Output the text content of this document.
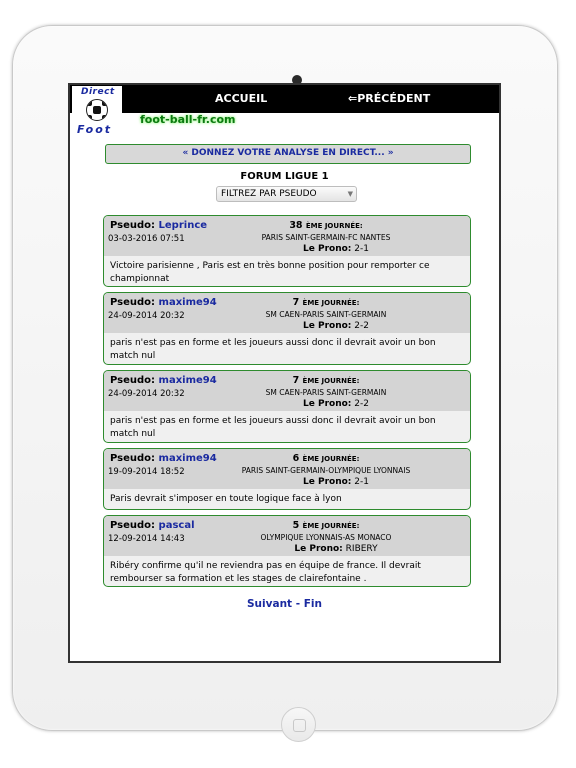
ACCUEIL	⇐PRÉCÉDENT
Direct
Foot
foot-ball-fr.com
« DONNEZ VOTRE ANALYSE EN DIRECT... »
FORUM LIGUE 1
FILTREZ PAR PSEUDO	▼
Pseudo: Leprince
03-03-2016 07:51
38 ÈME JOURNÉE:
PARIS SAINT-GERMAIN-FC NANTES
Le Prono: 2-1
Victoire parisienne , Paris est en très bonne position pour remporter ce championnat
Pseudo: maxime94
24-09-2014 20:32
7 ÈME JOURNÉE:
SM CAEN-PARIS SAINT-GERMAIN
Le Prono: 2-2
paris n'est pas en forme et les joueurs aussi donc il devrait avoir un bon match nul
Pseudo: maxime94
24-09-2014 20:32
7 ÈME JOURNÉE:
SM CAEN-PARIS SAINT-GERMAIN
Le Prono: 2-2
paris n'est pas en forme et les joueurs aussi donc il devrait avoir un bon match nul
Pseudo: maxime94
19-09-2014 18:52
6 ÈME JOURNÉE:
PARIS SAINT-GERMAIN-OLYMPIQUE LYONNAIS
Le Prono: 2-1
Paris devrait s'imposer en toute logique face à lyon
Pseudo: pascal
12-09-2014 14:43
5 ÈME JOURNÉE:
OLYMPIQUE LYONNAIS-AS MONACO
Le Prono: RIBERY
Ribéry confirme qu'il ne reviendra pas en équipe de france. Il devrait rembourser sa formation et les stages de clairefontaine .
Suivant - Fin
